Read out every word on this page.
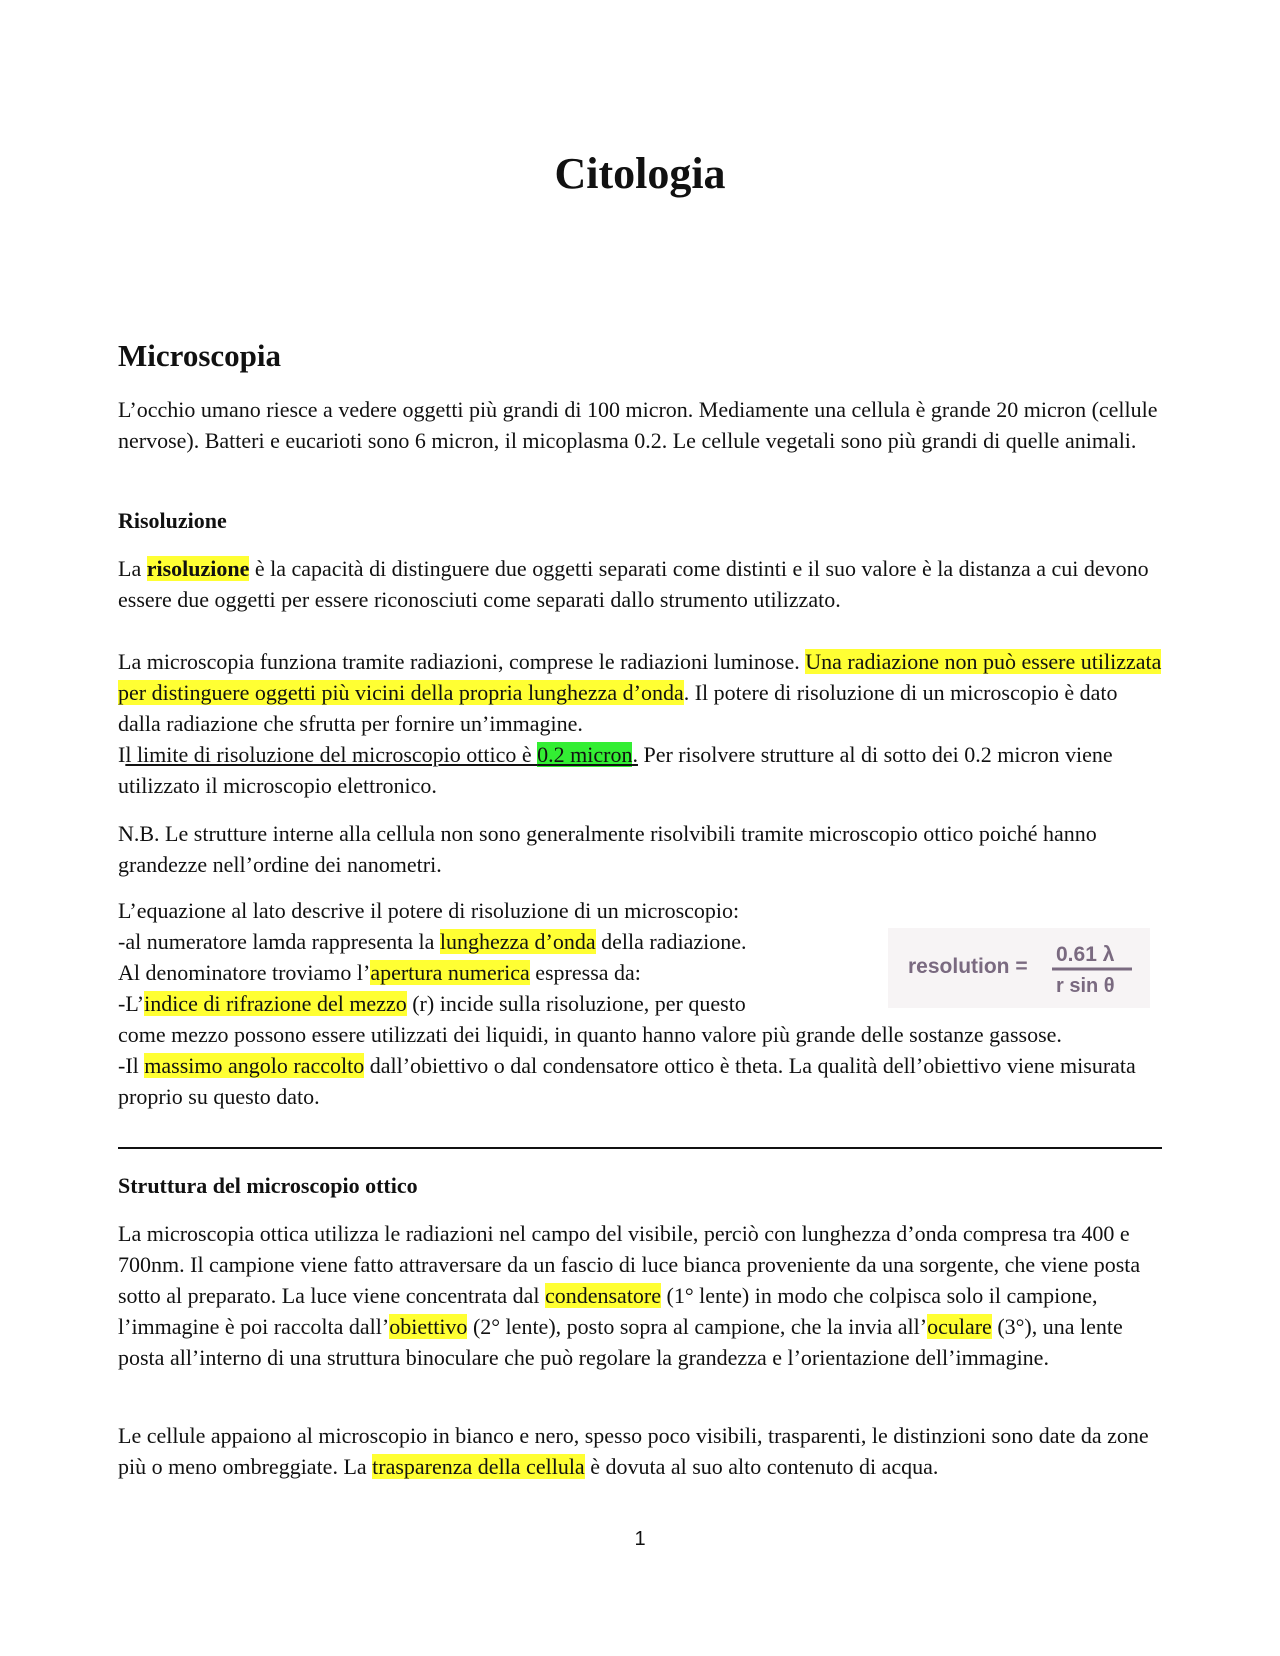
Citologia
Microscopia

L’occhio umano riesce a vedere oggetti più grandi di 100 micron. Mediamente una cellula è grande 20 micron (cellule nervose). Batteri e eucarioti sono 6 micron, il micoplasma 0.2. Le cellule vegetali sono più grandi di quelle animali.

Risoluzione

La risoluzione è la capacità di distinguere due oggetti separati come distinti e il suo valore è la distanza a cui devono essere due oggetti per essere riconosciuti come separati dallo strumento utilizzato.

La microscopia funziona tramite radiazioni, comprese le radiazioni luminose. Una radiazione non può essere utilizzata per distinguere oggetti più vicini della propria lunghezza d’onda. Il potere di risoluzione di un microscopio è dato dalla radiazione che sfrutta per fornire un’immagine.
Il limite di risoluzione del microscopio ottico è 0.2 micron. Per risolvere strutture al di sotto dei 0.2 micron viene utilizzato il microscopio elettronico.

N.B. Le strutture interne alla cellula non sono generalmente risolvibili tramite microscopio ottico poiché hanno grandezze nell’ordine dei nanometri.

L’equazione al lato descrive il potere di risoluzione di un microscopio:
-al numeratore lamda rappresenta la lunghezza d’onda della radiazione.
Al denominatore troviamo l’apertura numerica espressa da:
-L’indice di rifrazione del mezzo (r) incide sulla risoluzione, per questo
come mezzo possono essere utilizzati dei liquidi, in quanto hanno valore più grande delle sostanze gassose.
-Il massimo angolo raccolto dall’obiettivo o dal condensatore ottico è theta. La qualità dell’obiettivo viene misurata proprio su questo dato.

resolution =
0.61 λ
r sin θ
Struttura del microscopio ottico

La microscopia ottica utilizza le radiazioni nel campo del visibile, perciò con lunghezza d’onda compresa tra 400 e 700nm. Il campione viene fatto attraversare da un fascio di luce bianca proveniente da una sorgente, che viene posta sotto al preparato. La luce viene concentrata dal condensatore (1° lente) in modo che colpisca solo il campione, l’immagine è poi raccolta dall’obiettivo (2° lente), posto sopra al campione, che la invia all’oculare (3°), una lente posta all’interno di una struttura binoculare che può regolare la grandezza e l’orientazione dell’immagine.

Le cellule appaiono al microscopio in bianco e nero, spesso poco visibili, trasparenti, le distinzioni sono date da zone più o meno ombreggiate. La trasparenza della cellula è dovuta al suo alto contenuto di acqua.

1
